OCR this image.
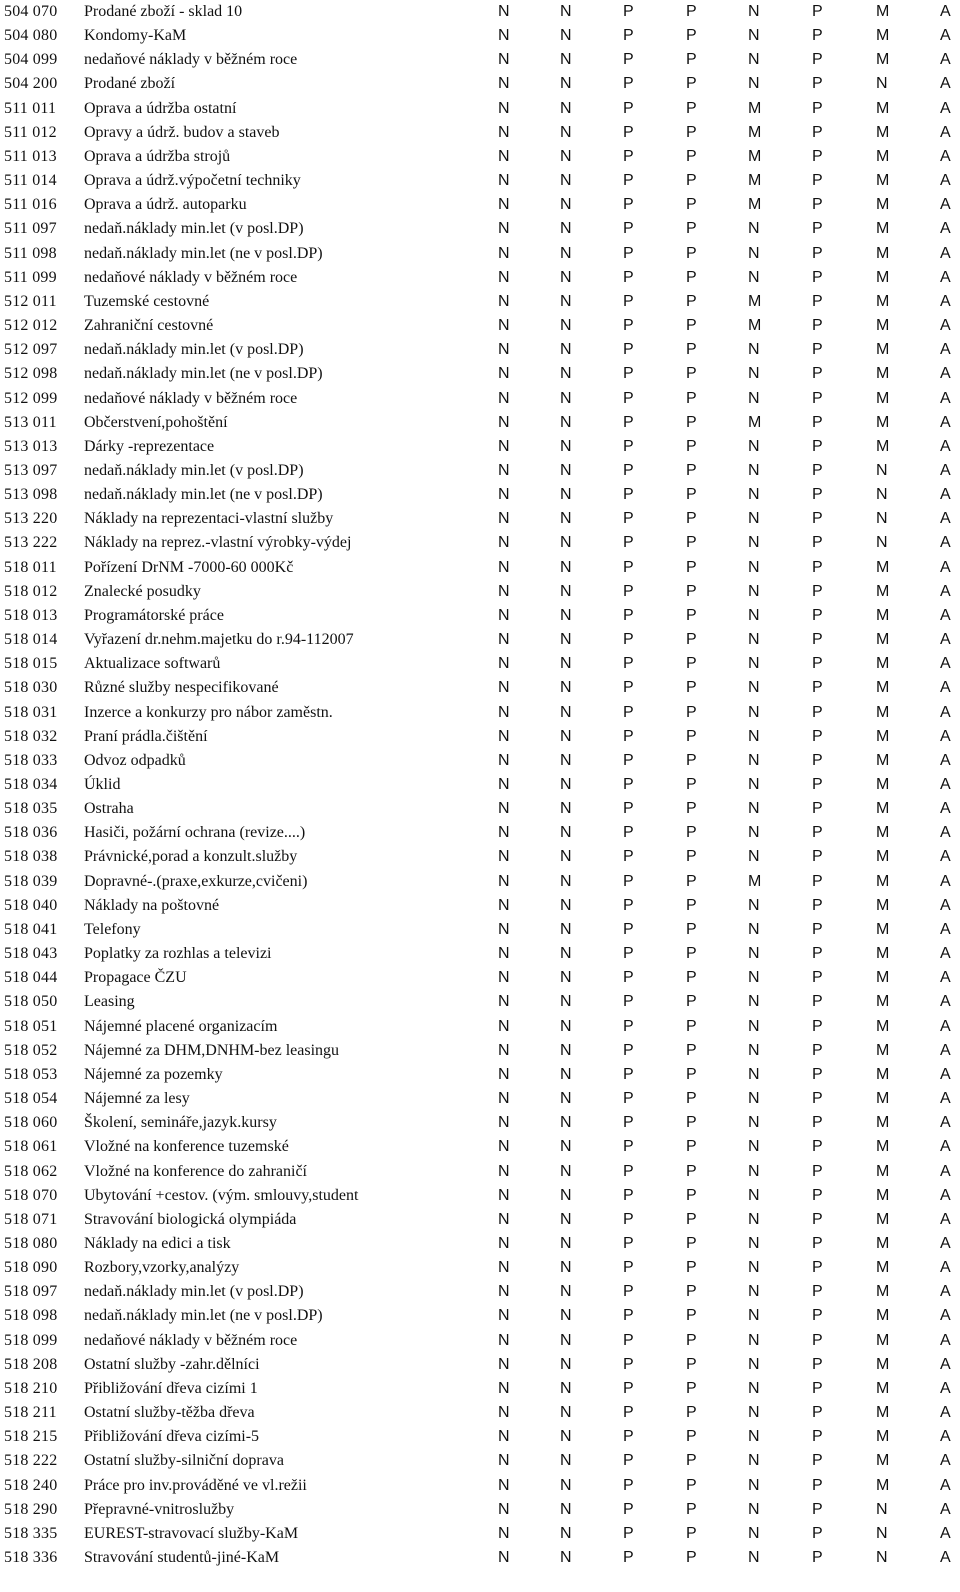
504 070	Prodané zboží - sklad 10	N	N	P	P	N	P	M	A
504 080	Kondomy-KaM	N	N	P	P	N	P	M	A
504 099	nedaňové náklady v běžném roce	N	N	P	P	N	P	M	A
504 200	Prodané zboží	N	N	P	P	N	P	N	A
511 011	Oprava a údržba ostatní	N	N	P	P	M	P	M	A
511 012	Opravy a údrž. budov a staveb	N	N	P	P	M	P	M	A
511 013	Oprava a údržba strojů	N	N	P	P	M	P	M	A
511 014	Oprava a údrž.výpočetní techniky	N	N	P	P	M	P	M	A
511 016	Oprava a údrž. autoparku	N	N	P	P	M	P	M	A
511 097	nedaň.náklady min.let (v posl.DP)	N	N	P	P	N	P	M	A
511 098	nedaň.náklady min.let (ne v posl.DP)	N	N	P	P	N	P	M	A
511 099	nedaňové náklady v běžném roce	N	N	P	P	N	P	M	A
512 011	Tuzemské cestovné	N	N	P	P	M	P	M	A
512 012	Zahraniční cestovné	N	N	P	P	M	P	M	A
512 097	nedaň.náklady min.let (v posl.DP)	N	N	P	P	N	P	M	A
512 098	nedaň.náklady min.let (ne v posl.DP)	N	N	P	P	N	P	M	A
512 099	nedaňové náklady v běžném roce	N	N	P	P	N	P	M	A
513 011	Občerstvení,pohoštění	N	N	P	P	M	P	M	A
513 013	Dárky -reprezentace	N	N	P	P	N	P	M	A
513 097	nedaň.náklady min.let (v posl.DP)	N	N	P	P	N	P	N	A
513 098	nedaň.náklady min.let (ne v posl.DP)	N	N	P	P	N	P	N	A
513 220	Náklady na reprezentaci-vlastní služby	N	N	P	P	N	P	N	A
513 222	Náklady na reprez.-vlastní výrobky-výdej	N	N	P	P	N	P	N	A
518 011	Pořízení DrNM -7000-60 000Kč	N	N	P	P	N	P	M	A
518 012	Znalecké posudky	N	N	P	P	N	P	M	A
518 013	Programátorské práce	N	N	P	P	N	P	M	A
518 014	Vyřazení dr.nehm.majetku do r.94-112007	N	N	P	P	N	P	M	A
518 015	Aktualizace softwarů	N	N	P	P	N	P	M	A
518 030	Různé služby nespecifikované	N	N	P	P	N	P	M	A
518 031	Inzerce a konkurzy pro nábor zaměstn.	N	N	P	P	N	P	M	A
518 032	Praní prádla.čištění	N	N	P	P	N	P	M	A
518 033	Odvoz odpadků	N	N	P	P	N	P	M	A
518 034	Úklid	N	N	P	P	N	P	M	A
518 035	Ostraha	N	N	P	P	N	P	M	A
518 036	Hasiči, požární ochrana (revize....)	N	N	P	P	N	P	M	A
518 038	Právnické,porad a konzult.služby	N	N	P	P	N	P	M	A
518 039	Dopravné-.(praxe,exkurze,cvičeni)	N	N	P	P	M	P	M	A
518 040	Náklady na poštovné	N	N	P	P	N	P	M	A
518 041	Telefony	N	N	P	P	N	P	M	A
518 043	Poplatky za rozhlas a televizi	N	N	P	P	N	P	M	A
518 044	Propagace ČZU	N	N	P	P	N	P	M	A
518 050	Leasing	N	N	P	P	N	P	M	A
518 051	Nájemné placené organizacím	N	N	P	P	N	P	M	A
518 052	Nájemné za DHM,DNHM-bez leasingu	N	N	P	P	N	P	M	A
518 053	Nájemné za pozemky	N	N	P	P	N	P	M	A
518 054	Nájemné za lesy	N	N	P	P	N	P	M	A
518 060	Školení, semináře,jazyk.kursy	N	N	P	P	N	P	M	A
518 061	Vložné na konference tuzemské	N	N	P	P	N	P	M	A
518 062	Vložné na konference do zahraničí	N	N	P	P	N	P	M	A
518 070	Ubytování +cestov. (vým. smlouvy,student	N	N	P	P	N	P	M	A
518 071	Stravování biologická olympiáda	N	N	P	P	N	P	M	A
518 080	Náklady na edici a tisk	N	N	P	P	N	P	M	A
518 090	Rozbory,vzorky,analýzy	N	N	P	P	N	P	M	A
518 097	nedaň.náklady min.let (v posl.DP)	N	N	P	P	N	P	M	A
518 098	nedaň.náklady min.let (ne v posl.DP)	N	N	P	P	N	P	M	A
518 099	nedaňové náklady v běžném roce	N	N	P	P	N	P	M	A
518 208	Ostatní služby -zahr.dělníci	N	N	P	P	N	P	M	A
518 210	Přibližování dřeva cizími 1	N	N	P	P	N	P	M	A
518 211	Ostatní služby-těžba dřeva	N	N	P	P	N	P	M	A
518 215	Přibližování dřeva cizími-5	N	N	P	P	N	P	M	A
518 222	Ostatní služby-silniční doprava	N	N	P	P	N	P	M	A
518 240	Práce pro inv.prováděné ve vl.režii	N	N	P	P	N	P	M	A
518 290	Přepravné-vnitroslužby	N	N	P	P	N	P	N	A
518 335	EUREST-stravovací služby-KaM	N	N	P	P	N	P	N	A
518 336	Stravování studentů-jiné-KaM	N	N	P	P	N	P	N	A
